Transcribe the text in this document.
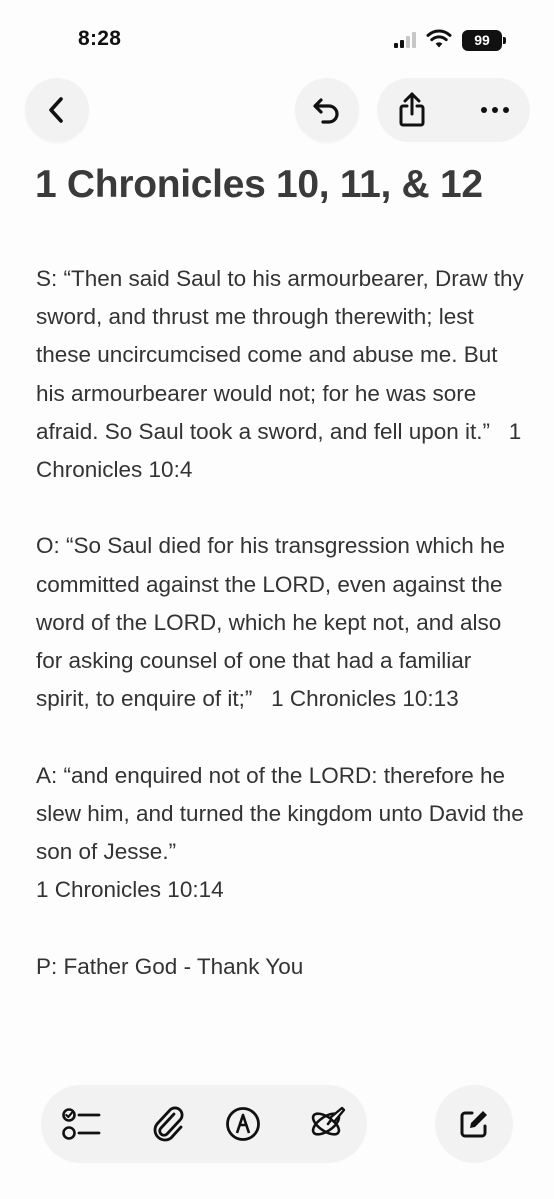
8:28	99
1 Chronicles 10, 11, & 12

S: “Then said Saul to his armourbearer, Draw thy sword, and thrust me through therewith; lest these uncircumcised come and abuse me. But his armourbearer would not; for he was sore afraid. So Saul took a sword, and fell upon it.”   1 Chronicles 10:4

O: “So Saul died for his transgression which he committed against the LORD, even against the word of the LORD, which he kept not, and also for asking counsel of one that had a familiar spirit, to enquire of it;”   1 Chronicles 10:13

A: “and enquired not of the LORD: therefore he slew him, and turned the kingdom unto David the son of Jesse.”
1 Chronicles 10:14

P: Father God - Thank You
